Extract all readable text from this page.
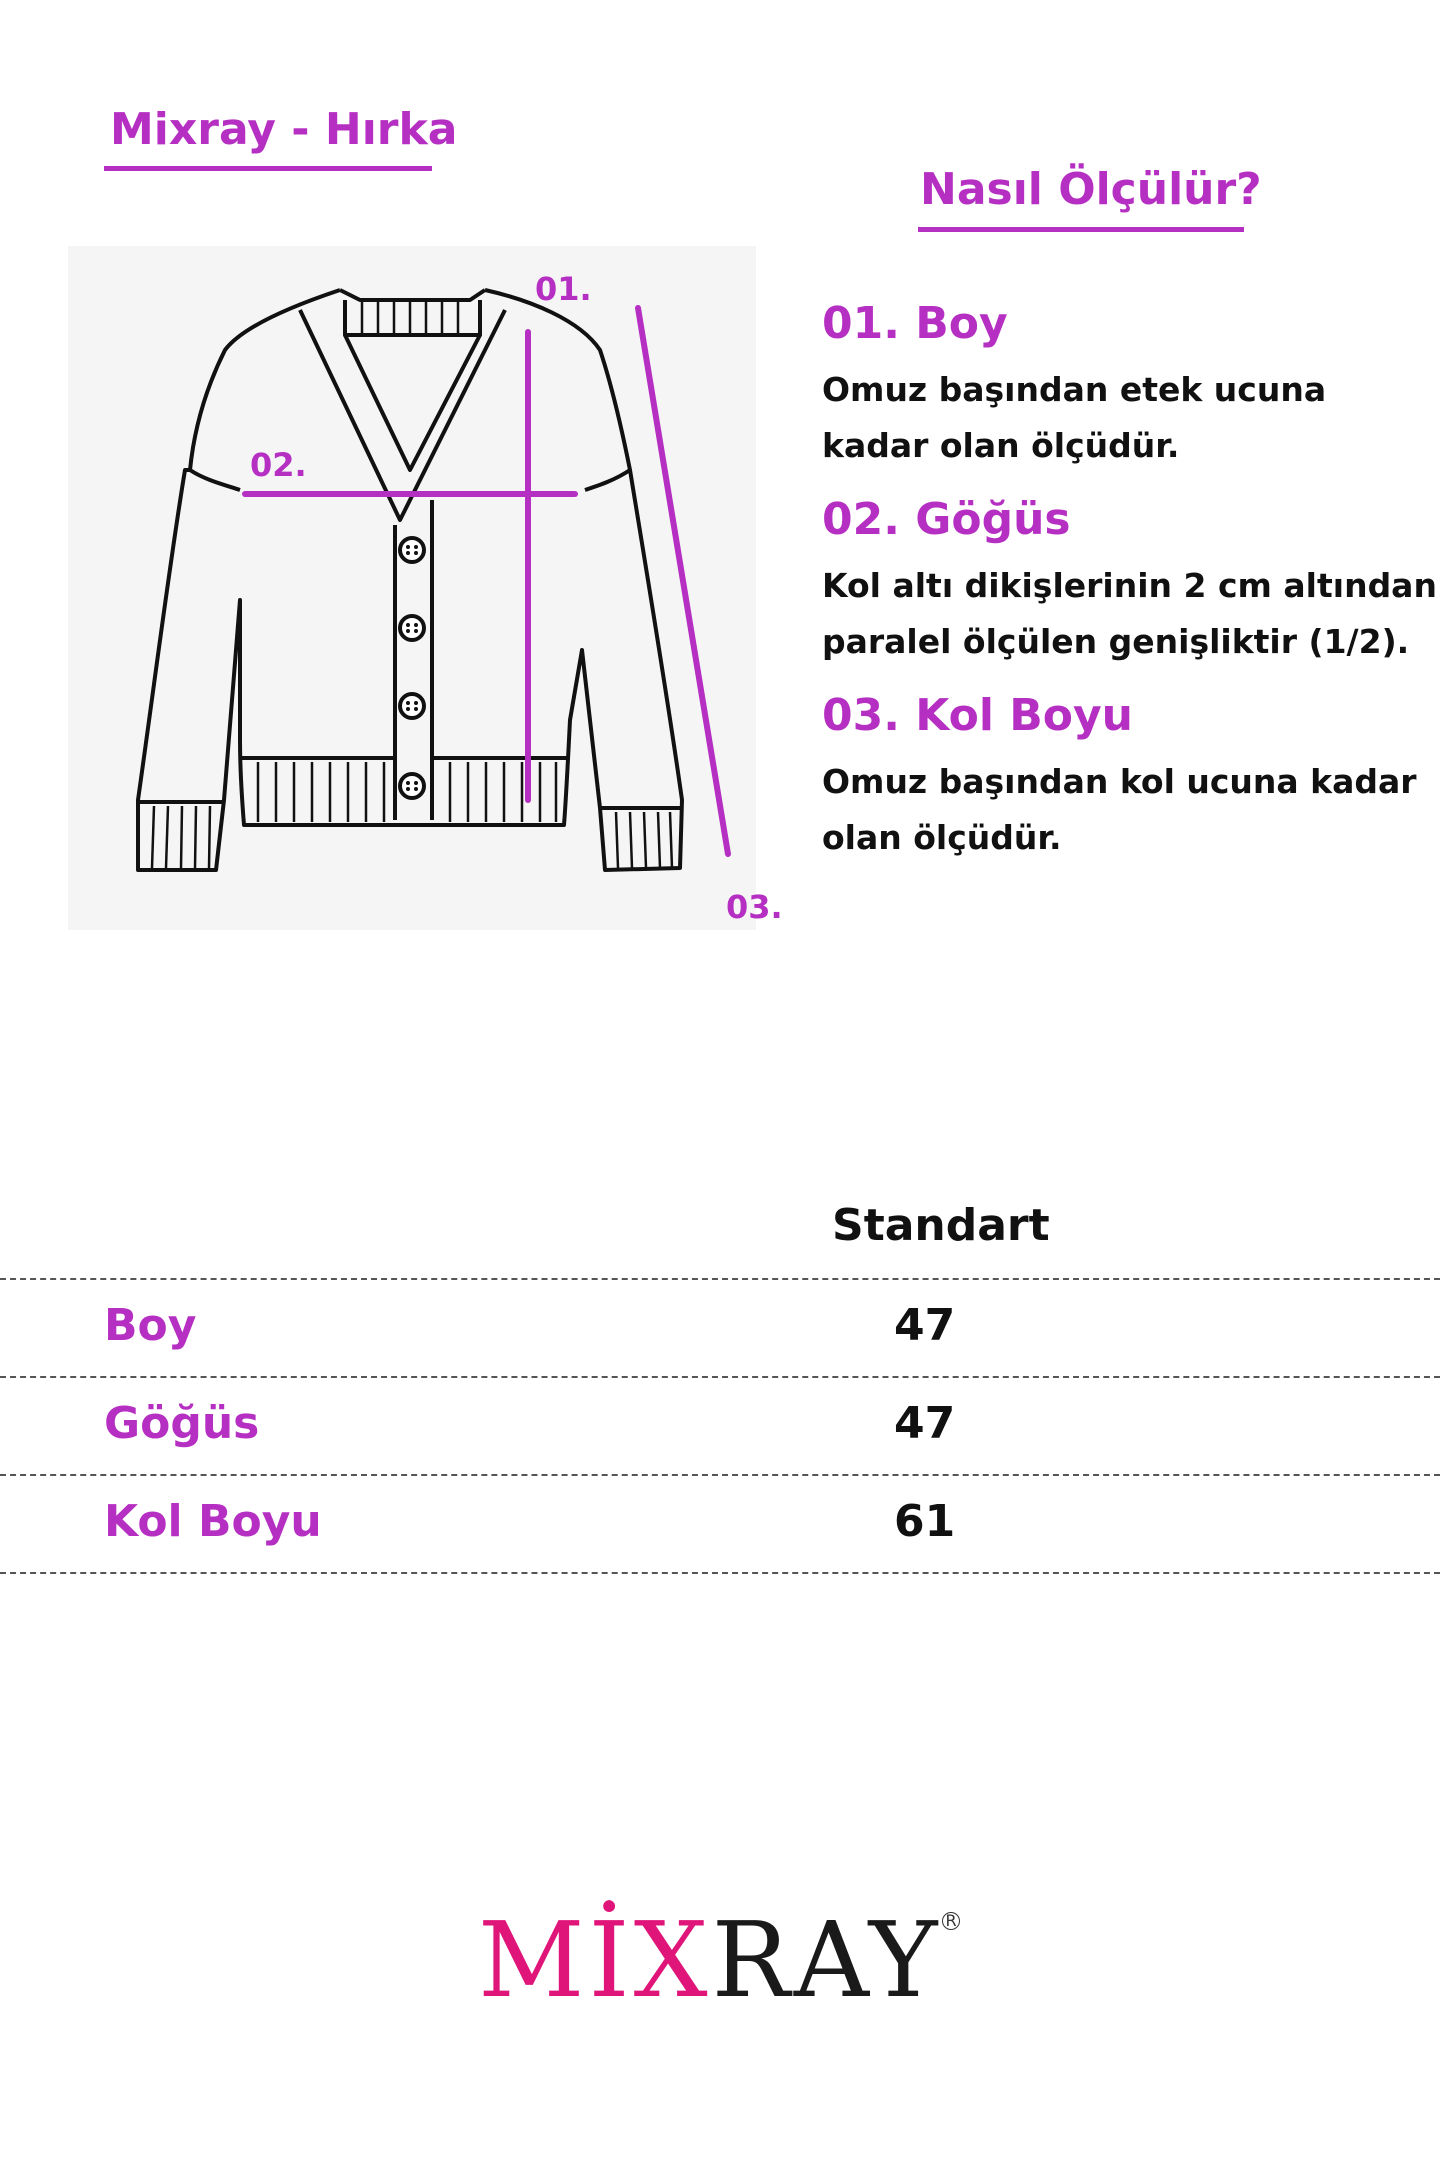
Mixray - Hırka
Nasıl Ölçülür?
01.
02.
03.
01. Boy
Omuz başından etek ucuna
kadar olan ölçüdür.
02. Göğüs
Kol altı dikişlerinin 2 cm altından
paralel ölçülen genişliktir (1/2).
03. Kol Boyu
Omuz başından kol ucuna kadar
olan ölçüdür.
Standart
Boy	47
Göğüs	47
Kol Boyu	61
MİXRAY R
